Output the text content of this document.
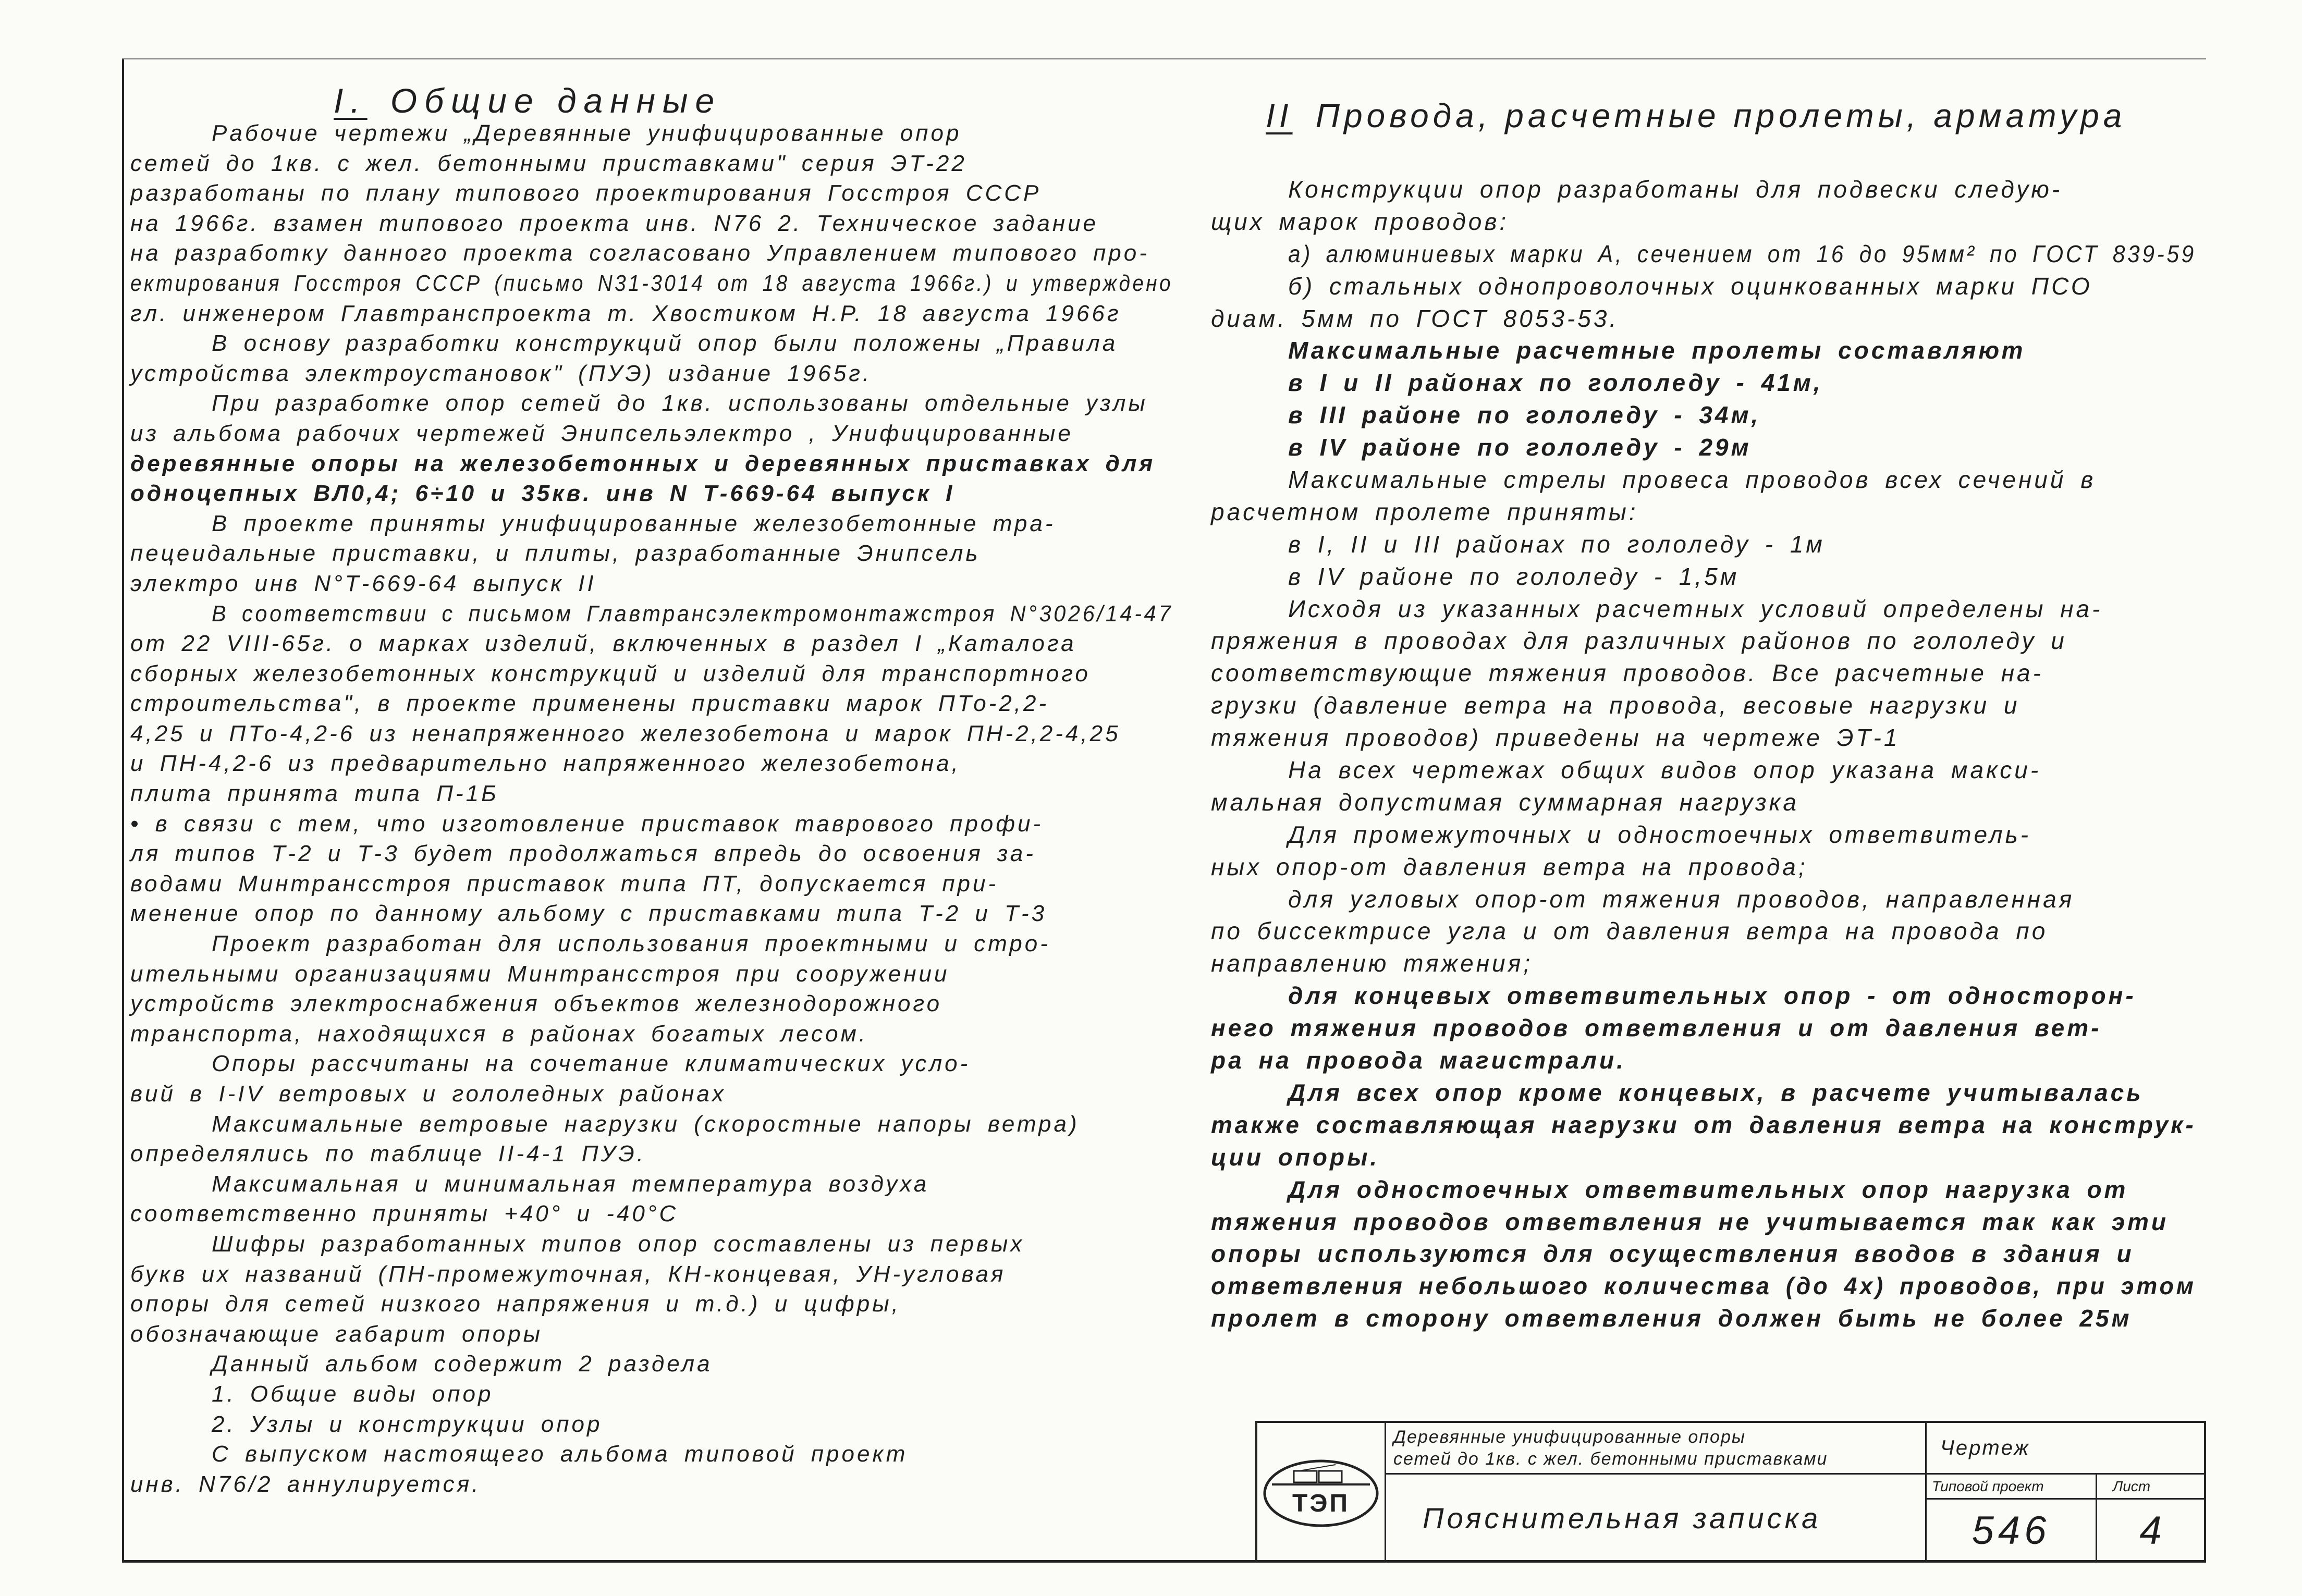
I. Общие данные
Рабочие чертежи „Деревянные унифицированные опор
сетей до 1кв. с жел. бетонными приставками" серия ЭТ-22
разработаны по плану типового проектирования Госстроя СССР
на 1966г. взамен типового проекта инв. N76 2. Техническое задание
на разработку данного проекта согласовано Управлением типового про-
ектирования Госстроя СССР (письмо N31-3014 от 18 августа 1966г.) и утверждено
гл. инженером Главтранспроекта т. Хвостиком Н.Р. 18 августа 1966г
В основу разработки конструкций опор были положены „Правила
устройства электроустановок" (ПУЭ) издание 1965г.
При разработке опор сетей до 1кв. использованы отдельные узлы
из альбома рабочих чертежей Энипсельэлектро , Унифицированные
деревянные опоры на железобетонных и деревянных приставках для
одноцепных ВЛ0,4; 6÷10 и 35кв. инв N Т-669-64 выпуск I
В проекте приняты унифицированные железобетонные тра-
пецеидальные приставки, и плиты, разработанные Энипсель
электро инв N°Т-669-64 выпуск II
В соответствии с письмом Главтрансэлектромонтажстроя N°3026/14-47
от 22 VIII-65г. о марках изделий, включенных в раздел I „Каталога
сборных железобетонных конструкций и изделий для транспортного
строительства", в проекте применены приставки марок ПТо-2,2-
4,25 и ПТо-4,2-6 из ненапряженного железобетона и марок ПН-2,2-4,25
и ПН-4,2-6 из предварительно напряженного железобетона,
плита принята типа П-1Б
• в связи с тем, что изготовление приставок таврового профи-
ля типов Т-2 и Т-3 будет продолжаться впредь до освоения за-
водами Минтрансстроя приставок типа ПТ, допускается при-
менение опор по данному альбому с приставками типа Т-2 и Т-3
Проект разработан для использования проектными и стро-
ительными организациями Минтрансстроя при сооружении
устройств электроснабжения объектов железнодорожного
транспорта, находящихся в районах богатых лесом.
Опоры рассчитаны на сочетание климатических усло-
вий в I-IV ветровых и гололедных районах
Максимальные ветровые нагрузки (скоростные напоры ветра)
определялись по таблице II-4-1 ПУЭ.
Максимальная и минимальная температура воздуха
соответственно приняты +40° и -40°С
Шифры разработанных типов опор составлены из первых
букв их названий (ПН-промежуточная, КН-концевая, УН-угловая
опоры для сетей низкого напряжения и т.д.) и цифры,
обозначающие габарит опоры
Данный альбом содержит 2 раздела
1. Общие виды опор
2. Узлы и конструкции опор
С выпуском настоящего альбома типовой проект
инв. N76/2 аннулируется.
II Провода, расчетные пролеты, арматура
Конструкции опор разработаны для подвески следую-
щих марок проводов:
а) алюминиевых марки А, сечением от 16 до 95мм² по ГОСТ 839-59
б) стальных однопроволочных оцинкованных марки ПСО
диам. 5мм по ГОСТ 8053-53.
Максимальные расчетные пролеты составляют
в I и II районах по гололеду - 41м,
в III районе по гололеду - 34м,
в IV районе по гололеду - 29м
Максимальные стрелы провеса проводов всех сечений в
расчетном пролете приняты:
в I, II и III районах по гололеду - 1м
в IV районе по гололеду - 1,5м
Исходя из указанных расчетных условий определены на-
пряжения в проводах для различных районов по гололеду и
соответствующие тяжения проводов. Все расчетные на-
грузки (давление ветра на провода, весовые нагрузки и
тяжения проводов) приведены на чертеже ЭТ-1
На всех чертежах общих видов опор указана макси-
мальная допустимая суммарная нагрузка
Для промежуточных и одностоечных ответвитель-
ных опор-от давления ветра на провода;
для угловых опор-от тяжения проводов, направленная
по биссектрисе угла и от давления ветра на провода по
направлению тяжения;
для концевых ответвительных опор - от односторон-
него тяжения проводов ответвления и от давления вет-
ра на провода магистрали.
Для всех опор кроме концевых, в расчете учитывалась
также составляющая нагрузки от давления ветра на конструк-
ции опоры.
Для одностоечных ответвительных опор нагрузка от
тяжения проводов ответвления не учитывается так как эти
опоры используются для осуществления вводов в здания и
ответвления небольшого количества (до 4х) проводов, при этом
пролет в сторону ответвления должен быть не более 25м
ТЭП
Деревянные унифицированные опоры
сетей до 1кв. с жел. бетонными приставками
Пояснительная записка
Чертеж
Типовой проект	Лист
546	4
